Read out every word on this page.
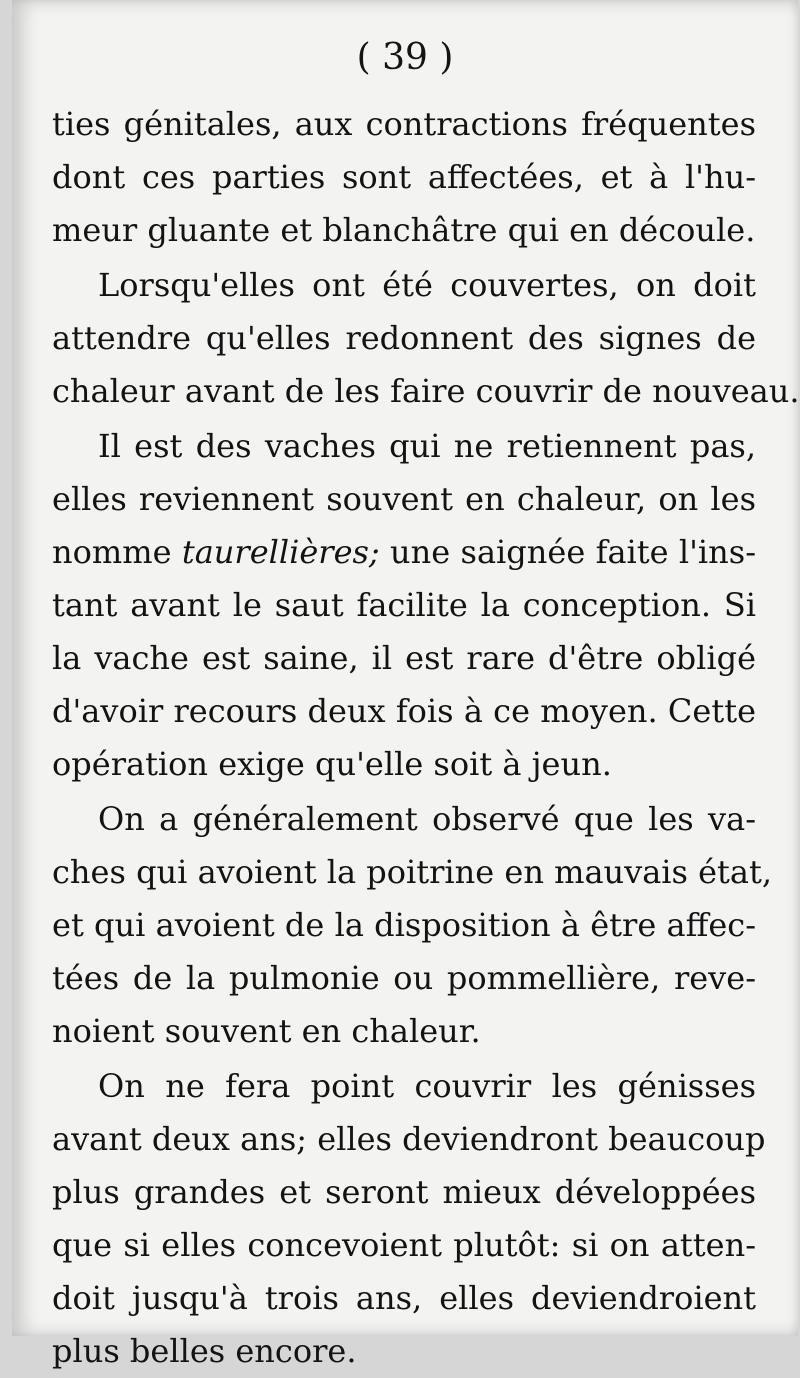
( 39 )
ties génitales, aux contractions fréquentes
dont ces parties sont affectées, et à l'hu-
meur gluante et blanchâtre qui en découle.
Lorsqu'elles ont été couvertes, on doit
attendre qu'elles redonnent des signes de
chaleur avant de les faire couvrir de nouveau.
Il est des vaches qui ne retiennent pas,
elles reviennent souvent en chaleur, on les
nomme taurellières; une saignée faite l'ins-
tant avant le saut facilite la conception. Si
la vache est saine, il est rare d'être obligé
d'avoir recours deux fois à ce moyen. Cette
opération exige qu'elle soit à jeun.
On a généralement observé que les va-
ches qui avoient la poitrine en mauvais état,
et qui avoient de la disposition à être affec-
tées de la pulmonie ou pommellière, reve-
noient souvent en chaleur.
On ne fera point couvrir les génisses
avant deux ans; elles deviendront beaucoup
plus grandes et seront mieux développées
que si elles concevoient plutôt: si on atten-
doit jusqu'à trois ans, elles deviendroient
plus belles encore.
